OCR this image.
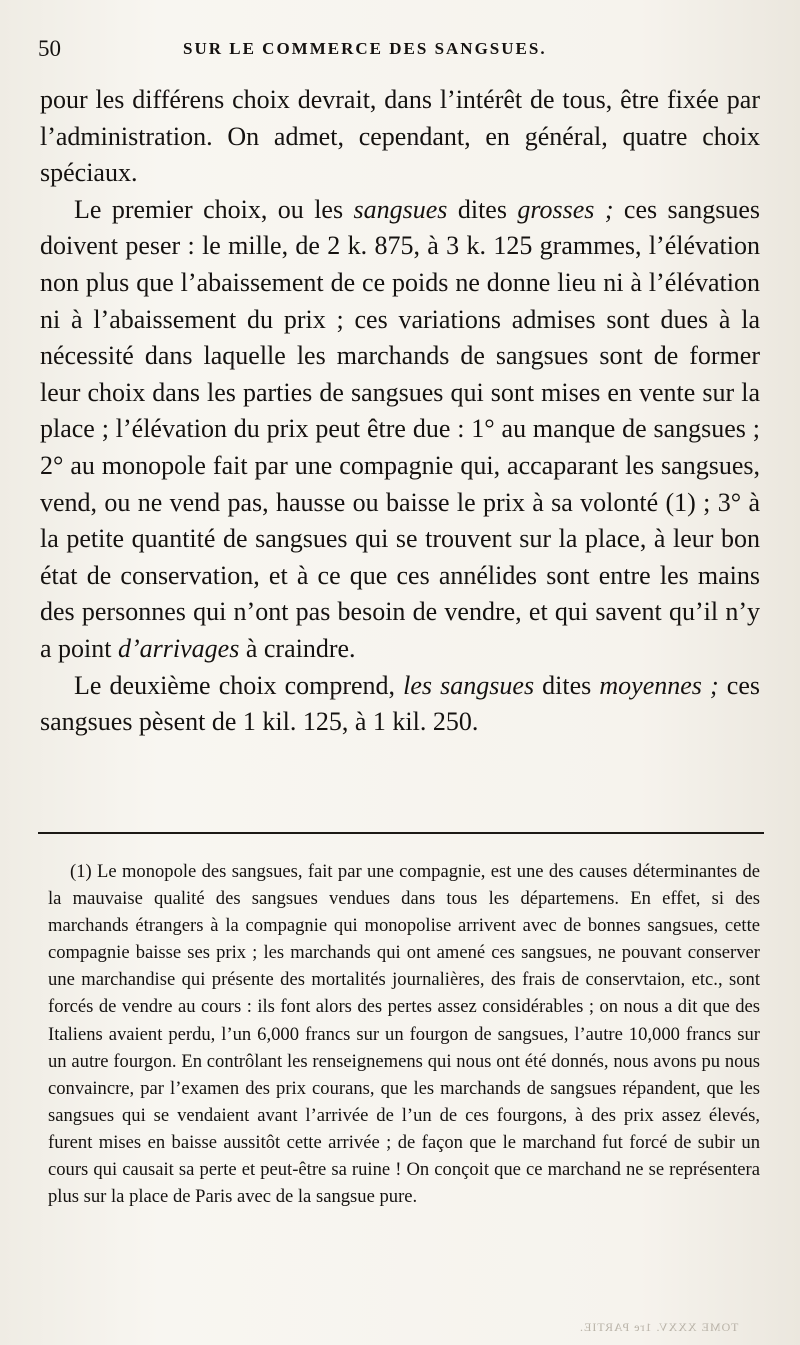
50	SUR LE COMMERCE DES SANGSUES.

pour les différens choix devrait, dans l’intérêt de tous, être fixée par l’administration. On admet, cependant, en général, quatre choix spéciaux.

Le premier choix, ou les sangsues dites grosses ; ces sangsues doivent peser : le mille, de 2 k. 875, à 3 k. 125 grammes, l’élévation non plus que l’abaissement de ce poids ne donne lieu ni à l’élévation ni à l’abaissement du prix ; ces variations admises sont dues à la nécessité dans laquelle les marchands de sangsues sont de former leur choix dans les parties de sangsues qui sont mises en vente sur la place ; l’élévation du prix peut être due : 1° au manque de sangsues ; 2° au monopole fait par une compagnie qui, accaparant les sangsues, vend, ou ne vend pas, hausse ou baisse le prix à sa volonté (1) ; 3° à la petite quantité de sangsues qui se trouvent sur la place, à leur bon état de conservation, et à ce que ces annélides sont entre les mains des personnes qui n’ont pas besoin de vendre, et qui savent qu’il n’y a point d’arrivages à craindre.

Le deuxième choix comprend, les sangsues dites moyennes ; ces sangsues pèsent de 1 kil. 125, à 1 kil. 250.

(1) Le monopole des sangsues, fait par une compagnie, est une des causes déterminantes de la mauvaise qualité des sangsues vendues dans tous les départemens. En effet, si des marchands étrangers à la compagnie qui monopolise arrivent avec de bonnes sangsues, cette compagnie baisse ses prix ; les marchands qui ont amené ces sangsues, ne pouvant conserver une marchandise qui présente des mortalités journalières, des frais de conservtaion, etc., sont forcés de vendre au cours : ils font alors des pertes assez considérables ; on nous a dit que des Italiens avaient perdu, l’un 6,000 francs sur un fourgon de sangsues, l’autre 10,000 francs sur un autre fourgon. En contrôlant les renseignemens qui nous ont été donnés, nous avons pu nous convaincre, par l’examen des prix courans, que les marchands de sangsues répandent, que les sangsues qui se vendaient avant l’arrivée de l’un de ces fourgons, à des prix assez élevés, furent mises en baisse aussitôt cette arrivée ; de façon que le marchand fut forcé de subir un cours qui causait sa perte et peut-être sa ruine ! On conçoit que ce marchand ne se représentera plus sur la place de Paris avec de la sangsue pure.

TOME XXXV. 1re PARTIE.
